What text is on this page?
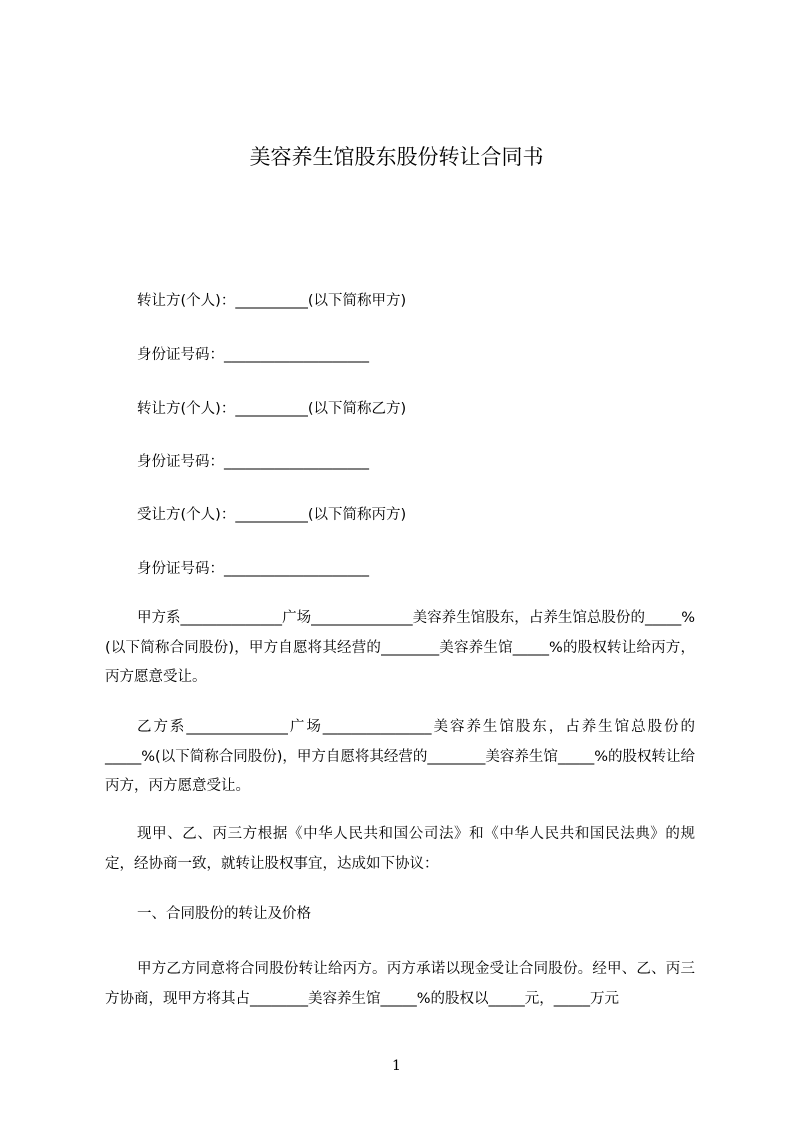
美容养生馆股东股份转让合同书
转让方(个人)：__________(以下简称甲方)
身份证号码：____________________
转让方(个人)：__________(以下简称乙方)
身份证号码：____________________
受让方(个人)：__________(以下简称丙方)
身份证号码：____________________

甲方系______________广场______________美容养生馆股东，占养生馆总股份的_____%(以下简称合同股份)，甲方自愿将其经营的________美容养生馆_____%的股权转让给丙方，丙方愿意受让。

乙方系______________广场_______________美容养生馆股东，占养生馆总股份的_____%(以下简称合同股份)，甲方自愿将其经营的________美容养生馆_____%的股权转让给丙方，丙方愿意受让。

现甲、乙、丙三方根据《中华人民共和国公司法》和《中华人民共和国民法典》的规定，经协商一致，就转让股权事宜，达成如下协议：

一、合同股份的转让及价格

甲方乙方同意将合同股份转让给丙方。丙方承诺以现金受让合同股份。经甲、乙、丙三方协商，现甲方将其占________美容养生馆_____%的股权以_____元，_____万元

1
